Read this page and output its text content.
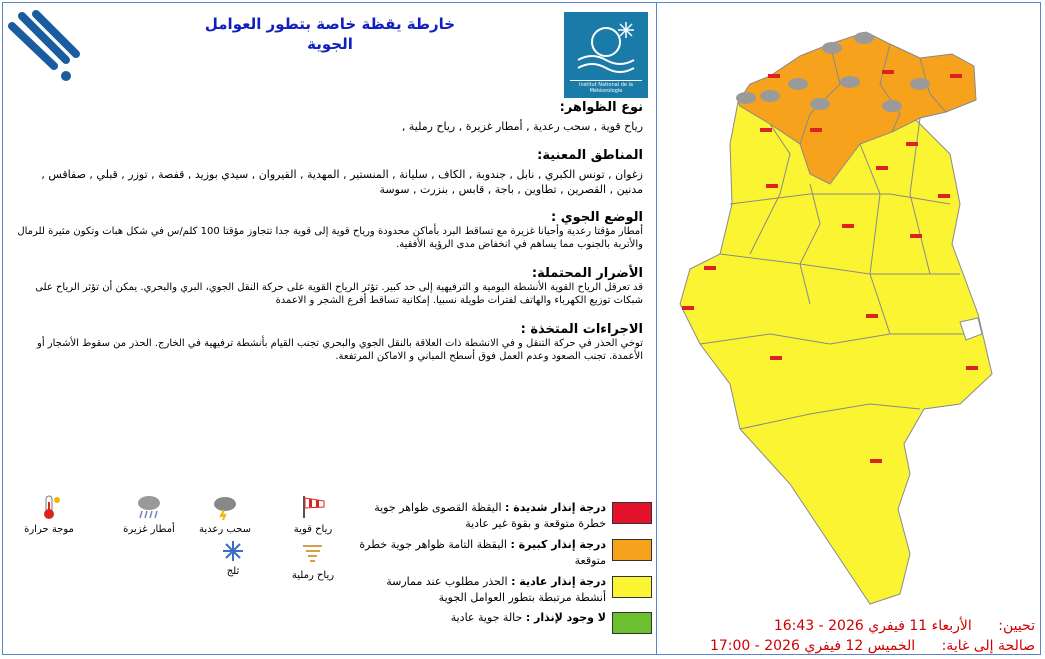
خارطة يقظة خاصة بتطور العوامل
الجوية
Institut National de la Météorologie
نوع الظواهر:
رياح قوية , سحب رعدية , أمطار غزيرة , رياح رملية ,
المناطق المعنية:
زغوان , تونس الكبري , نابل , جندوبة , الكاف , سليانة , المنستير , المهدية , القيروان , سيدي بوزيد , قفصة , توزر , قبلي , صفاقس , مدنين , القصرين , تطاوين , باجة , قابس , بنزرت , سوسة
الوضع الجوي :
أمطار مؤقتا رعدية وأحيانا غزيرة مع تساقط البرد بأماكن محدودة ورياح قوية إلى قوية جدا تتجاوز مؤقتا 100 كلم/س في شكل هبات وتكون مثيرة للرمال والأتربة بالجنوب مما يساهم في انخفاض مدى الرؤية الأفقية.
الأضرار المحتملة:
قد تعرقل الرياح القوية الأنشطة اليومية و الترفيهية إلى حد كبير. تؤثر الرياح القوية على حركة النقل الجوي، البري والبحري. يمكن أن تؤثر الرياح على شبكات توزيع الكهرباء والهاتف لفترات طويلة نسبيا. إمكانية تساقط أفرع الشجر و الاعمدة
الاجراءات المتخذة :
توخي الحذر في حركة التنقل و في الانشطة ذات العلاقة بالنقل الجوي والبحري تجنب القيام بأنشطة ترفيهية في الخارج. الحذر من سقوط الأشجار أو الأعمدة. تجنب الصعود وعدم العمل فوق أسطح المباني و الاماكن المرتفعة.
درجة إنذار شديدة : اليقظة القصوى ظواهر جوية خطرة متوقعة و بقوة غير عادية
درجة إنذار كبيرة : اليقظة التامة ظواهر جوية خطرة متوقعة
درجة إنذار عادية : الحذر مطلوب عند ممارسة أنشطة مرتبطة بتطور العوامل الجوية
لا وجود لإنذار : حالة جوية عادية
رياح قوية
سحب رعدية
أمطار غزيرة
موجة حرارة
رياح رملية
ثلج
تحيين: الأربعاء 11 فيفري 2026 - 16:43
صالحة إلى غاية: الخميس 12 فيفري 2026 - 17:00
